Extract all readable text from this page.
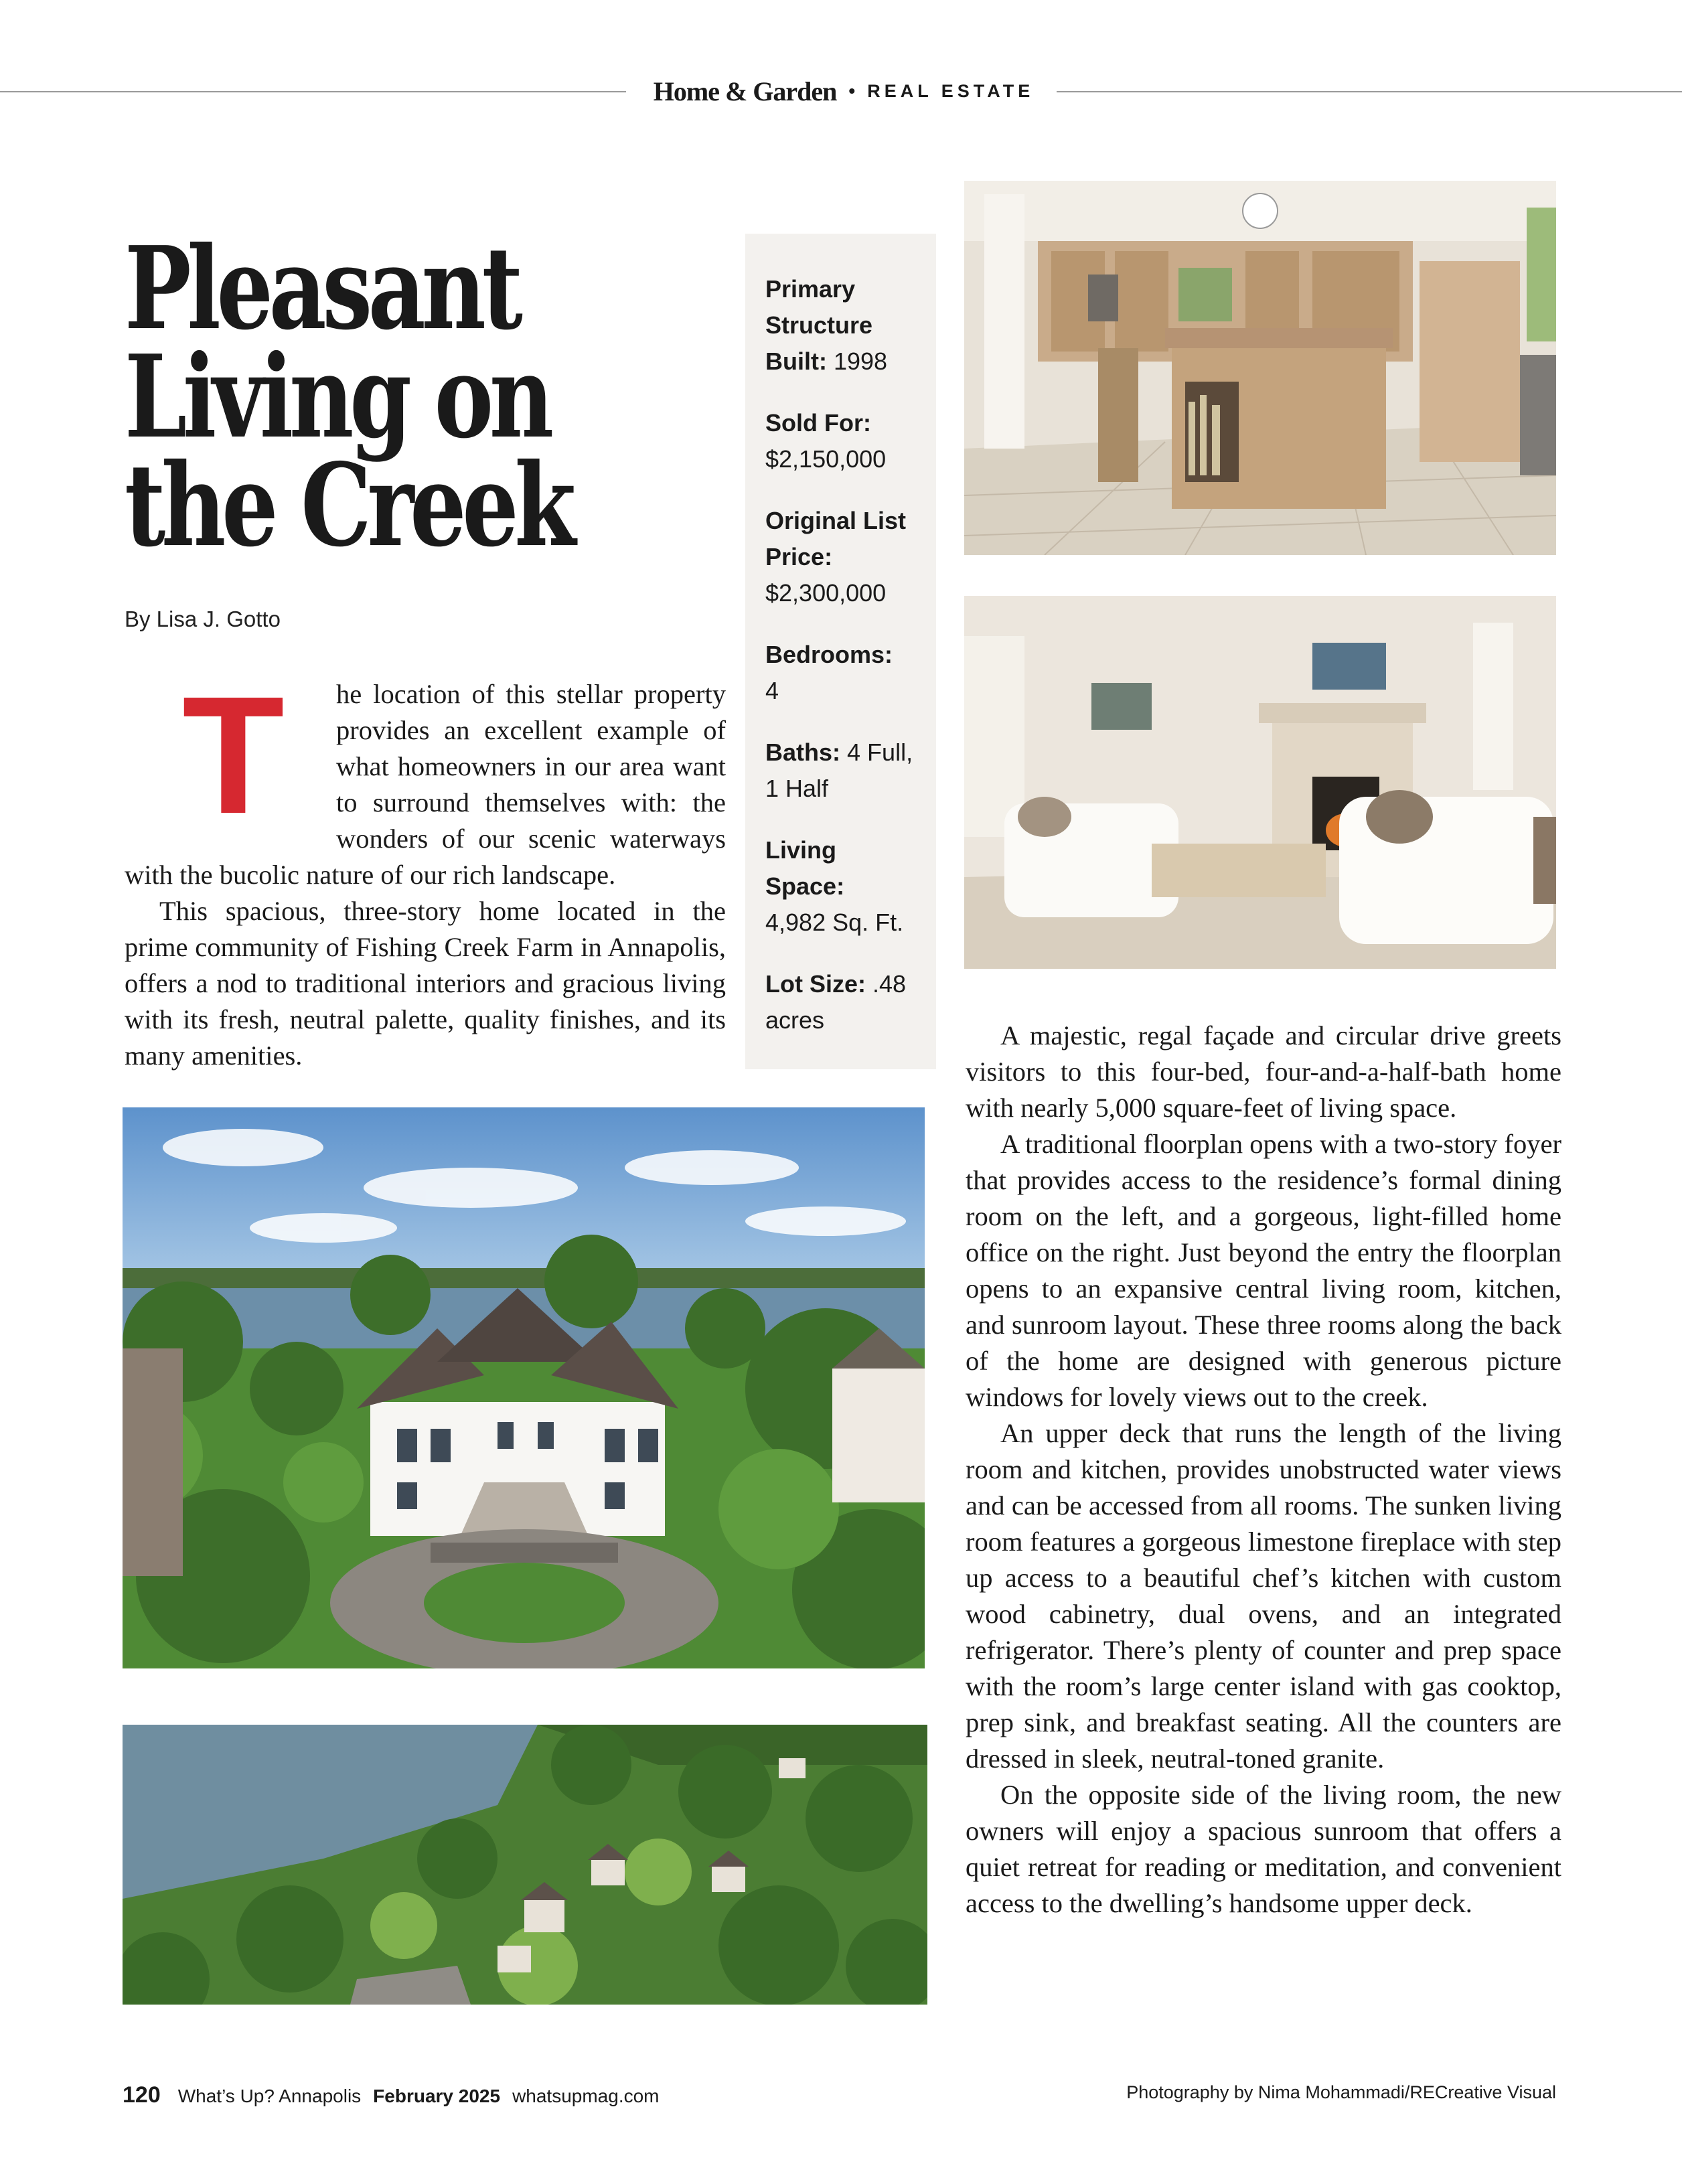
Home & Garden • REAL ESTATE
Pleasant
Living on
the Creek
By Lisa J. Gotto

T he location of this stellar property provides an excellent example of what homeowners in our area want to surround themselves with: the wonders of our scenic waterways with the bucolic nature of our rich landscape.

This spacious, three-story home located in the prime community of Fishing Creek Farm in Annapolis, offers a nod to traditional interiors and gracious living with its fresh, neutral palette, quality finishes, and its many amenities.

Primary Structure Built: 1998
Sold For:
$2,150,000
Original List Price:
$2,300,000
Bedrooms:
4
Baths: 4 Full, 1 Half
Living Space:
4,982 Sq. Ft.
Lot Size: .48 acres

A majestic, regal façade and circular drive greets visitors to this four-bed, four-and-a-half-bath home with nearly 5,000 square-feet of living space.

A traditional floorplan opens with a two-story foyer that provides access to the residence’s formal dining room on the left, and a gorgeous, light-filled home office on the right. Just beyond the entry the floorplan opens to an expansive central living room, kitchen, and sunroom layout. These three rooms along the back of the home are designed with generous picture windows for lovely views out to the creek.

An upper deck that runs the length of the living room and kitchen, provides unobstructed water views and can be accessed from all rooms. The sunken living room features a gorgeous limestone fireplace with step up access to a beautiful chef’s kitchen with custom wood cabinetry, dual ovens, and an integrated refrigerator. There’s plenty of counter and prep space with the room’s large center island with gas cooktop, prep sink, and breakfast seating. All the counters are dressed in sleek, neutral-toned granite.

On the opposite side of the living room, the new owners will enjoy a spacious sunroom that offers a quiet retreat for reading or meditation, and convenient access to the dwelling’s handsome upper deck.

120 What’s Up? Annapolis February 2025 whatsupmag.com	Photography by Nima Mohammadi/RECreative Visual
